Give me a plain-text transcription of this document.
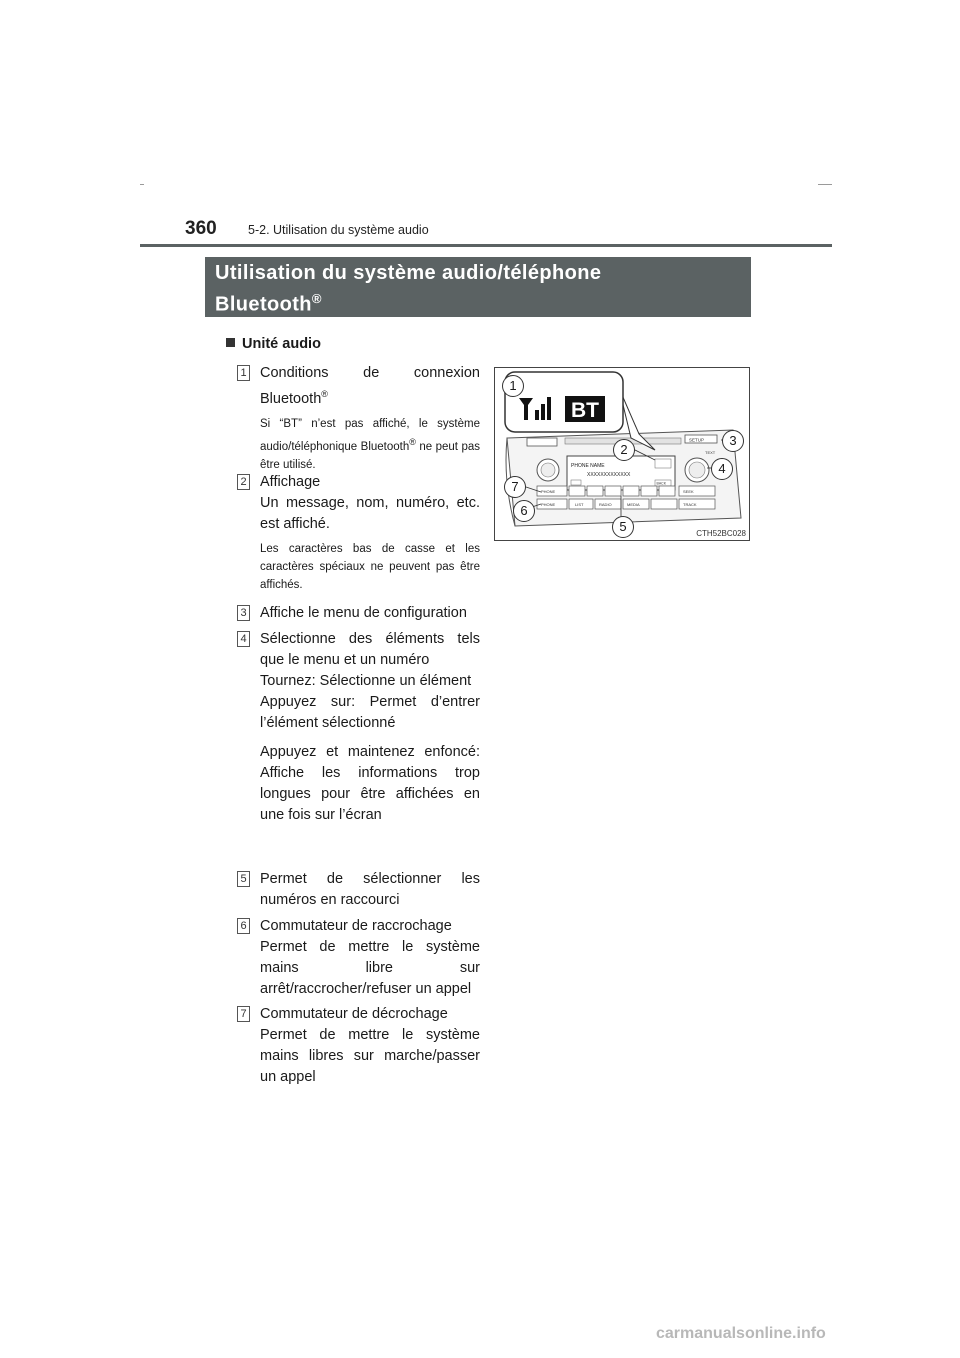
360	5-2. Utilisation du système audio
Utilisation du système audio/téléphone
Bluetooth®
Unité audio
1 Conditions de connexion Bluetooth®

Si “BT” n’est pas affiché, le système audio/téléphonique Bluetooth® ne peut pas être utilisé.

2 Affichage

Un message, nom, numéro, etc. est affiché.

Les caractères bas de casse et les caractères spéciaux ne peuvent pas être affichés.

3 Affiche le menu de configuration

4 Sélectionne des éléments tels que le menu et un numéro

Tournez: Sélectionne un élément

Appuyez sur: Permet d’entrer l’élément sélectionné

Appuyez et maintenez enfoncé: Affiche les informations trop longues pour être affichées en une fois sur l’écran

5 Permet de sélectionner les numéros en raccourci

6 Commutateur de raccrochage

Permet de mettre le système mains libre sur arrêt/raccrocher/refuser un appel

7 Commutateur de décrochage

Permet de mettre le système mains libres sur marche/passer un appel

SETUP
PHONE NAME
XXXXXXXXXXXXX
BACK
TEXT
PHONE	SEEK
PHONE	LIST	RADIO	MEDIA	TRACK
BT
1
2
3
4
5
6
7
CTH52BC028
carmanualsonline.info
